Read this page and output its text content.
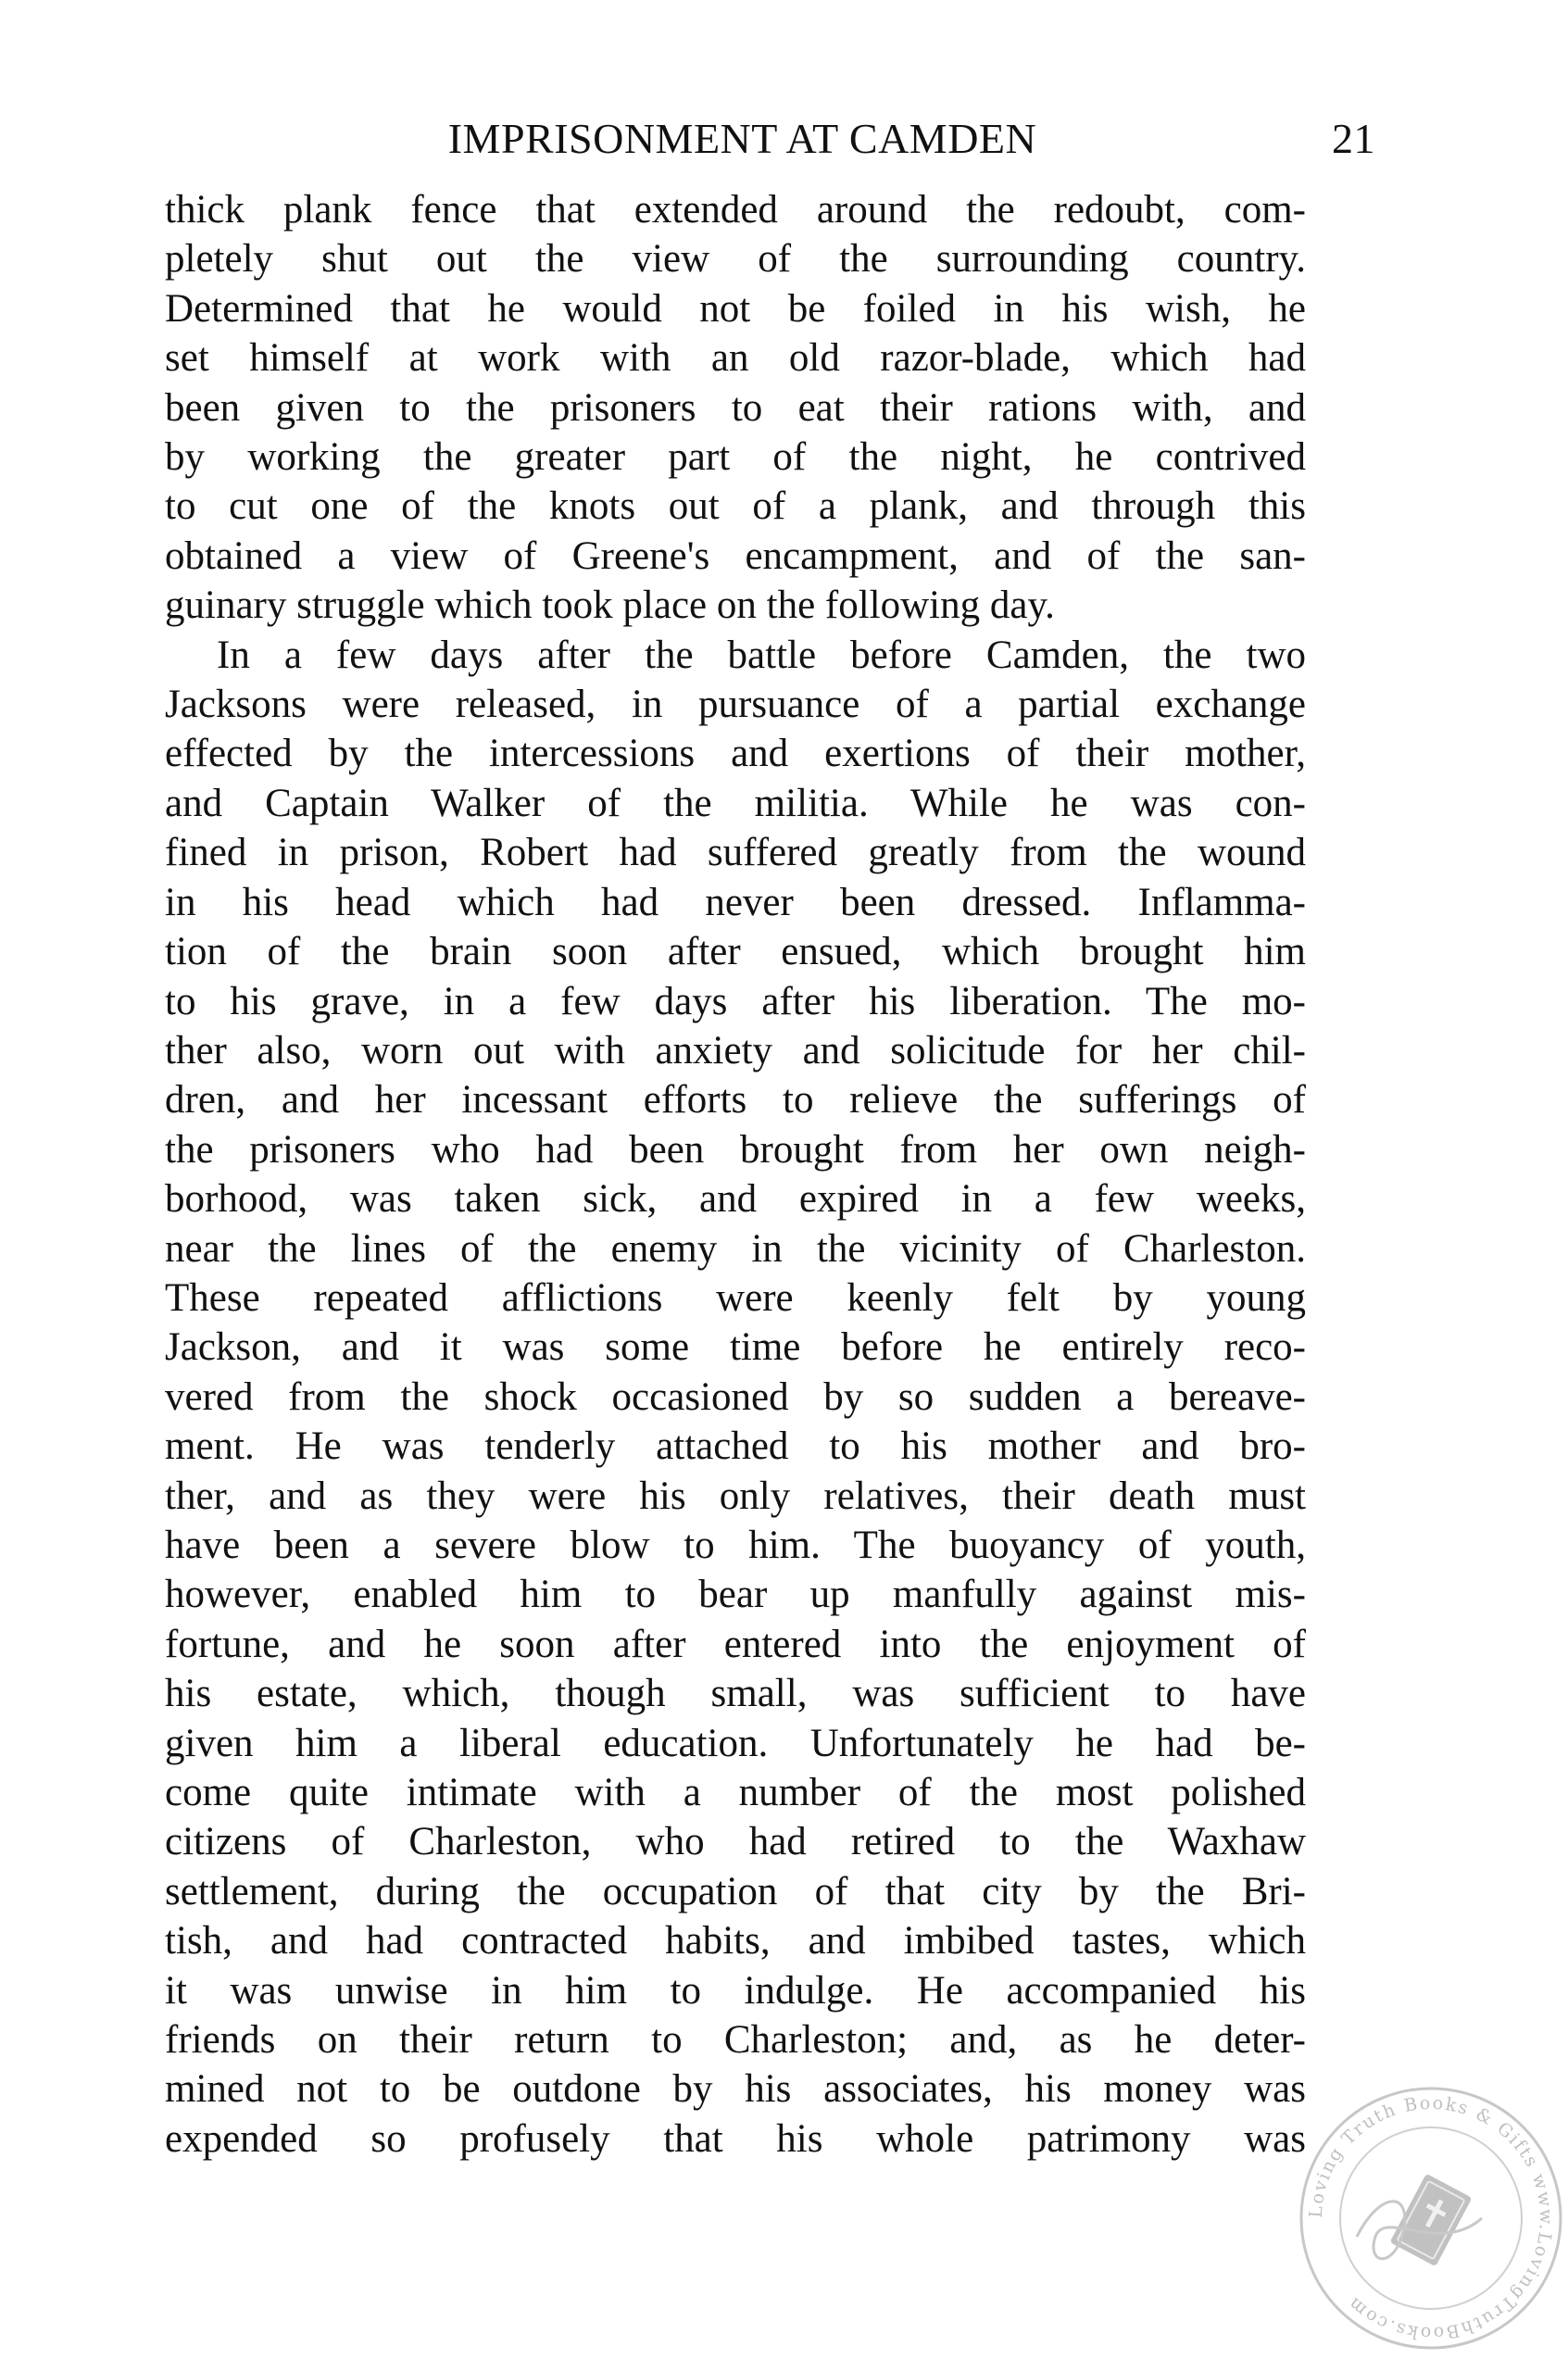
IMPRISONMENT AT CAMDEN	21
thick plank fence that extended around the redoubt, com-
pletely shut out the view of the surrounding country.
Determined that he would not be foiled in his wish, he
set himself at work with an old razor-blade, which had
been given to the prisoners to eat their rations with, and
by working the greater part of the night, he contrived
to cut one of the knots out of a plank, and through this
obtained a view of Greene's encampment, and of the san-
guinary struggle which took place on the following day.
In a few days after the battle before Camden, the two
Jacksons were released, in pursuance of a partial exchange
effected by the intercessions and exertions of their mother,
and Captain Walker of the militia. While he was con-
fined in prison, Robert had suffered greatly from the wound
in his head which had never been dressed. Inflamma-
tion of the brain soon after ensued, which brought him
to his grave, in a few days after his liberation. The mo-
ther also, worn out with anxiety and solicitude for her chil-
dren, and her incessant efforts to relieve the sufferings of
the prisoners who had been brought from her own neigh-
borhood, was taken sick, and expired in a few weeks,
near the lines of the enemy in the vicinity of Charleston.
These repeated afflictions were keenly felt by young
Jackson, and it was some time before he entirely reco-
vered from the shock occasioned by so sudden a bereave-
ment. He was tenderly attached to his mother and bro-
ther, and as they were his only relatives, their death must
have been a severe blow to him. The buoyancy of youth,
however, enabled him to bear up manfully against mis-
fortune, and he soon after entered into the enjoyment of
his estate, which, though small, was sufficient to have
given him a liberal education. Unfortunately he had be-
come quite intimate with a number of the most polished
citizens of Charleston, who had retired to the Waxhaw
settlement, during the occupation of that city by the Bri-
tish, and had contracted habits, and imbibed tastes, which
it was unwise in him to indulge. He accompanied his
friends on their return to Charleston; and, as he deter-
mined not to be outdone by his associates, his money was
expended so profusely that his whole patrimony was
Loving Truth Books & Gifts www.LovingTruthBooks.com
